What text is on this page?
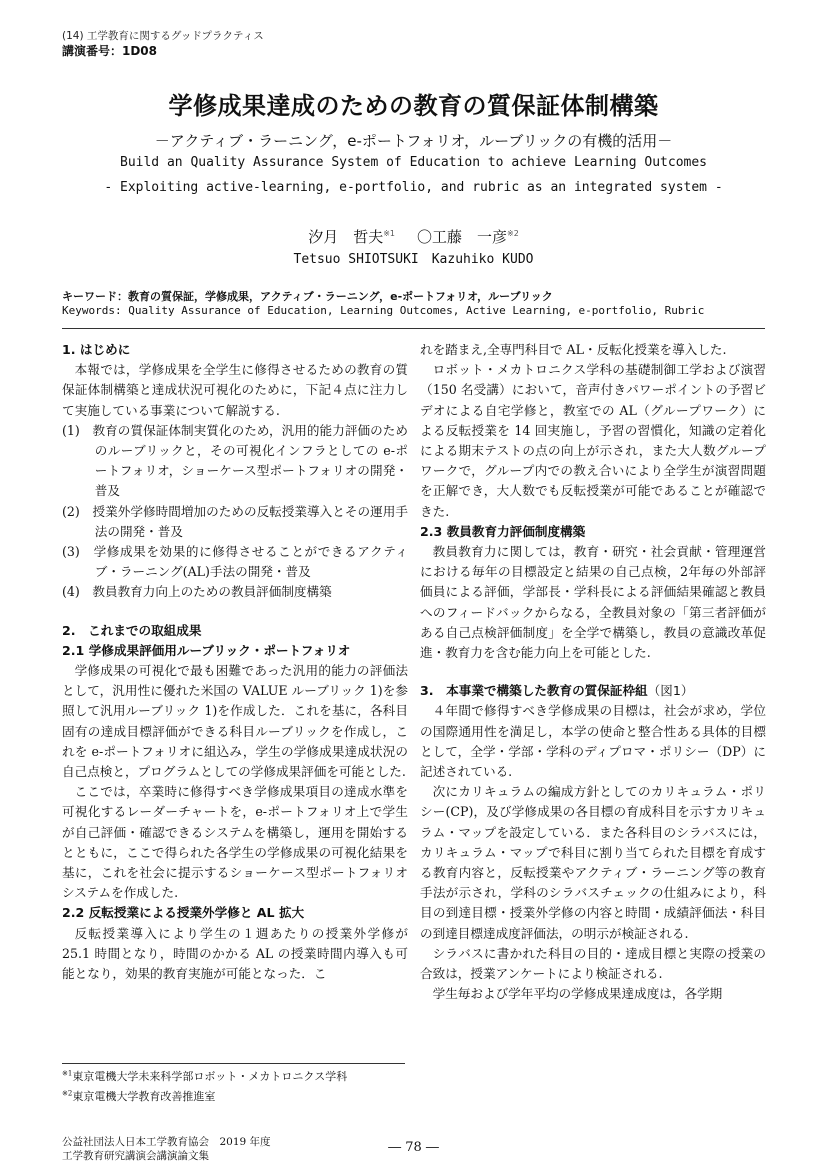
(14) 工学教育に関するグッドプラクティス
講演番号：1D08
学修成果達成のための教育の質保証体制構築
－アクティブ・ラーニング，e-ポートフォリオ，ルーブリックの有機的活用－
Build an Quality Assurance System of Education to achieve Learning Outcomes
- Exploiting active-learning, e-portfolio, and rubric as an integrated system -
汐月　哲夫$^{※1}$ 〇工藤　一彦$^{※2}$
Tetsuo SHIOTSUKI　Kazuhiko KUDO
キーワード：教育の質保証，学修成果，アクティブ・ラーニング，e-ポートフォリオ，ルーブリック
Keywords: Quality Assurance of Education, Learning Outcomes, Active Learning, e-portfolio, Rubric
1. はじめに

本報では，学修成果を全学生に修得させるための教育の質保証体制構築と達成状況可視化のために，下記４点に注力して実施している事業について解説する.

(1)　教育の質保証体制実質化のため，汎用的能力評価のためのルーブリックと，その可視化インフラとしての e-ポートフォリオ，ショーケース型ポートフォリオの開発・普及
(2)　授業外学修時間増加のための反転授業導入とその運用手法の開発・普及
(3)　学修成果を効果的に修得させることができるアクティブ・ラーニング(AL)手法の開発・普及
(4)　教員教育力向上のための教員評価制度構築
2.　これまでの取組成果
2.1 学修成果評価用ルーブリック・ポートフォリオ

学修成果の可視化で最も困難であった汎用的能力の評価法として，汎用性に優れた米国の VALUE ルーブリック 1)を参照して汎用ルーブリック 1)を作成した．これを基に，各科目固有の達成目標評価ができる科目ルーブリックを作成し，これを e-ポートフォリオに組込み，学生の学修成果達成状況の自己点検と，プログラムとしての学修成果評価を可能とした.

ここでは，卒業時に修得すべき学修成果項目の達成水準を可視化するレーダーチャートを，e-ポートフォリオ上で学生が自己評価・確認できるシステムを構築し，運用を開始するとともに，ここで得られた各学生の学修成果の可視化結果を基に，これを社会に提示するショーケース型ポートフォリオシステムを作成した.

2.2 反転授業による授業外学修と AL 拡大

反転授業導入により学生の１週あたりの授業外学修が 25.1 時間となり，時間のかかる AL の授業時間内導入も可能となり，効果的教育実施が可能となった．こ

れを踏まえ,全専門科目で AL・反転化授業を導入した.

ロボット・メカトロニクス学科の基礎制御工学および演習（150 名受講）において，音声付きパワーポイントの予習ビデオによる自宅学修と，教室での AL（グループワーク）による反転授業を 14 回実施し，予習の習慣化，知識の定着化による期末テストの点の向上が示され，また大人数グループワークで，グループ内での教え合いにより全学生が演習問題を正解でき，大人数でも反転授業が可能であることが確認できた.

2.3 教員教育力評価制度構築

教員教育力に関しては，教育・研究・社会貢献・管理運営における毎年の目標設定と結果の自己点検，2年毎の外部評価員による評価，学部長・学科長による評価結果確認と教員へのフィードバックからなる，全教員対象の「第三者評価がある自己点検評価制度」を全学で構築し，教員の意識改革促進・教育力を含む能力向上を可能とした.

3.　本事業で構築した教育の質保証枠組（図1）

４年間で修得すべき学修成果の目標は，社会が求め，学位の国際通用性を満足し，本学の使命と整合性ある具体的目標として，全学・学部・学科のディプロマ・ポリシー（DP）に記述されている.

次にカリキュラムの編成方針としてのカリキュラム・ポリシー(CP)，及び学修成果の各目標の育成科目を示すカリキュラム・マップを設定している．また各科目のシラバスには，カリキュラム・マップで科目に割り当てられた目標を育成する教育内容と，反転授業やアクティブ・ラーニング等の教育手法が示され，学科のシラバスチェックの仕組みにより，科目の到達目標・授業外学修の内容と時間・成績評価法・科目の到達目標達成度評価法，の明示が検証される.

シラバスに書かれた科目の目的・達成目標と実際の授業の合致は，授業アンケートにより検証される.

学生毎および学年平均の学修成果達成度は，各学期

$^{※1}$東京電機大学未来科学部ロボット・メカトロニクス学科
$^{※2}$東京電機大学教育改善推進室
公益社団法人日本工学教育協会　2019 年度
工学教育研究講演会講演論文集
― 78 ―
